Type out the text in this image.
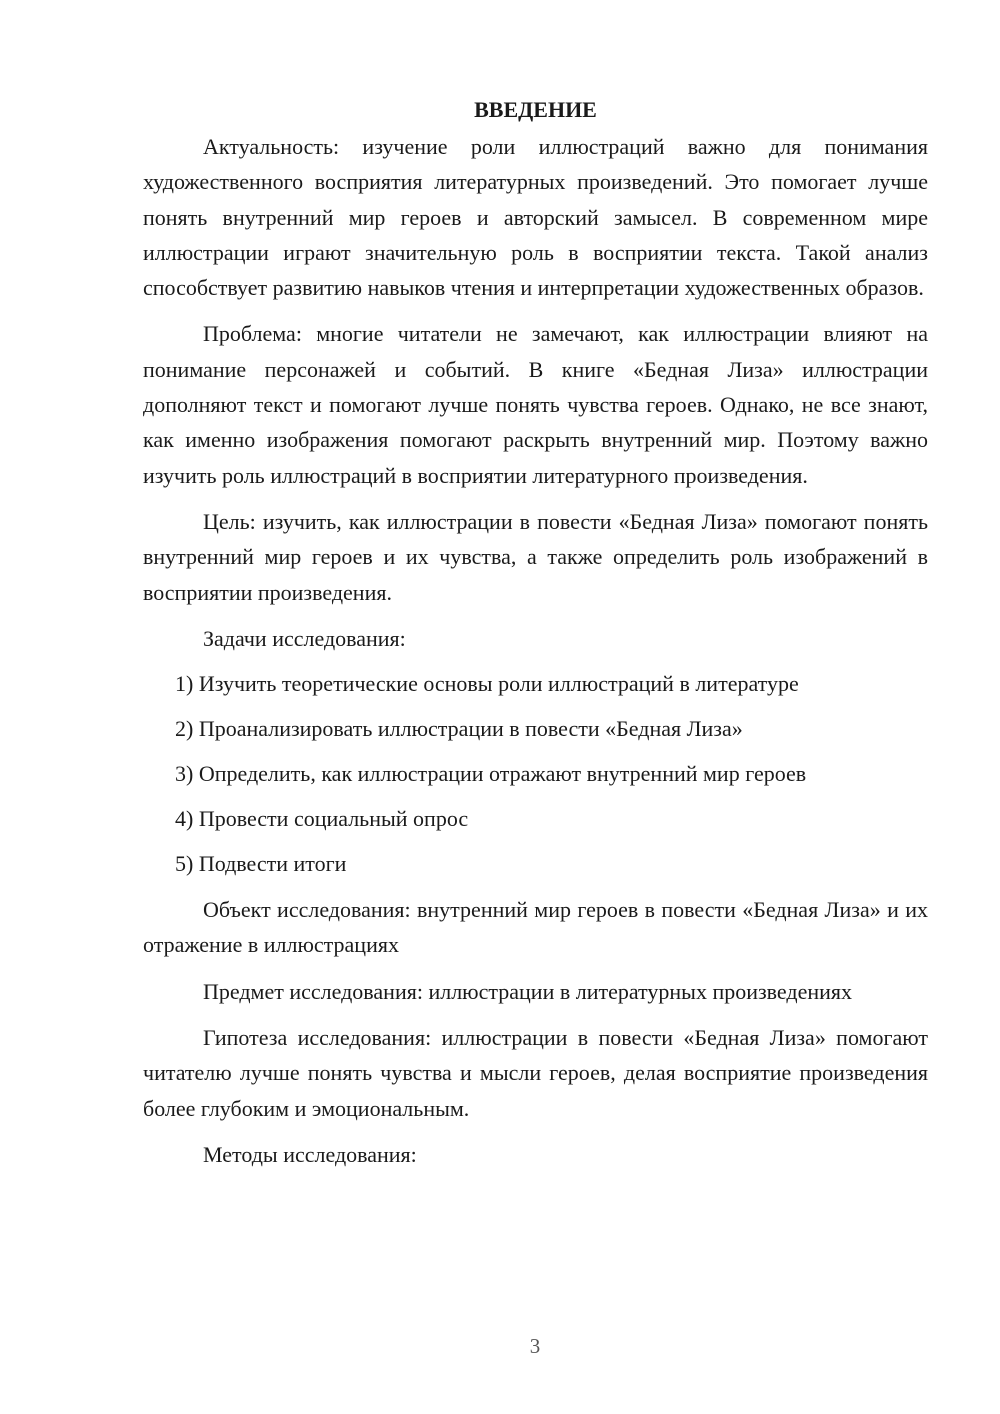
ВВЕДЕНИЕ

Актуальность: изучение роли иллюстраций важно для понимания художественного восприятия литературных произведений. Это помогает лучше понять внутренний мир героев и авторский замысел. В современном мире иллюстрации играют значительную роль в восприятии текста. Такой анализ способствует развитию навыков чтения и интерпретации художественных образов.

Проблема: многие читатели не замечают, как иллюстрации влияют на понимание персонажей и событий. В книге «Бедная Лиза» иллюстрации дополняют текст и помогают лучше понять чувства героев. Однако, не все знают, как именно изображения помогают раскрыть внутренний мир. Поэтому важно изучить роль иллюстраций в восприятии литературного произведения.

Цель: изучить, как иллюстрации в повести «Бедная Лиза» помогают понять внутренний мир героев и их чувства, а также определить роль изображений в восприятии произведения.

Задачи исследования:

1) Изучить теоретические основы роли иллюстраций в литературе
2) Проанализировать иллюстрации в повести «Бедная Лиза»
3) Определить, как иллюстрации отражают внутренний мир героев
4) Провести социальный опрос
5) Подвести итоги

Объект исследования: внутренний мир героев в повести «Бедная Лиза» и их отражение в иллюстрациях

Предмет исследования: иллюстрации в литературных произведениях

Гипотеза исследования: иллюстрации в повести «Бедная Лиза» помогают читателю лучше понять чувства и мысли героев, делая восприятие произведения более глубоким и эмоциональным.

Методы исследования:

3
